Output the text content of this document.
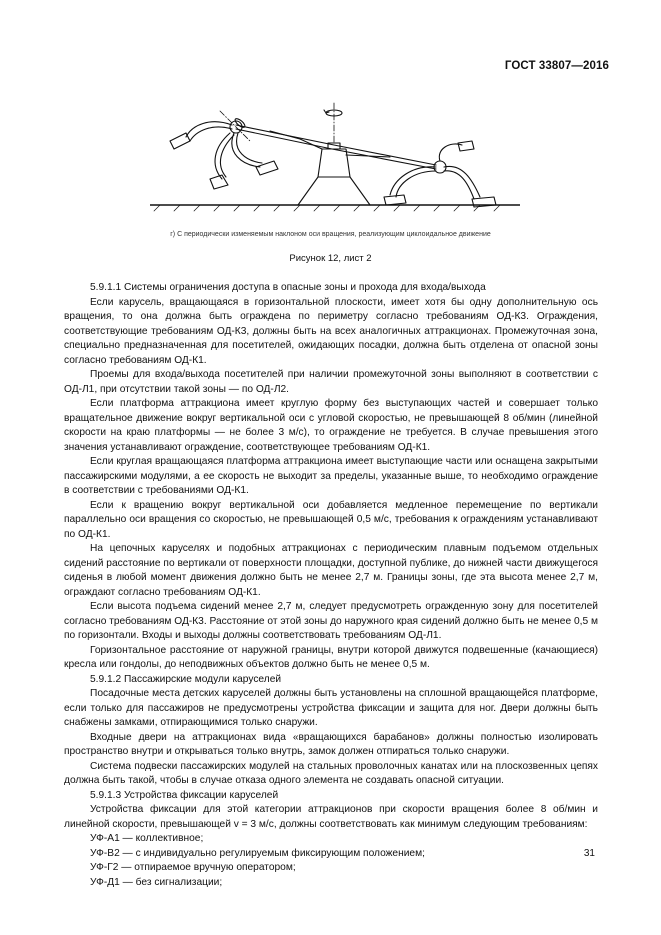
ГОСТ 33807—2016
г) С периодически изменяемым наклоном оси вращения, реализующим циклоидальное движение
Рисунок 12, лист 2

5.9.1.1 Системы ограничения доступа в опасные зоны и прохода для входа/выхода

Если карусель, вращающаяся в горизонтальной плоскости, имеет хотя бы одну дополнительную ось вращения, то она должна быть ограждена по периметру согласно требованиям ОД-К3. Ограждения, соответствующие требованиям ОД-К3, должны быть на всех аналогичных аттракционах. Промежуточная зона, специально предназначенная для посетителей, ожидающих посадки, должна быть отделена от опасной зоны согласно требованиям ОД-К1.

Проемы для входа/выхода посетителей при наличии промежуточной зоны выполняют в соответствии с ОД-Л1, при отсутствии такой зоны — по ОД-Л2.

Если платформа аттракциона имеет круглую форму без выступающих частей и совершает только вращательное движение вокруг вертикальной оси с угловой скоростью, не превышающей 8 об/мин (линейной скорости на краю платформы — не более 3 м/с), то ограждение не требуется. В случае превышения этого значения устанавливают ограждение, соответствующее требованиям ОД-К1.

Если круглая вращающаяся платформа аттракциона имеет выступающие части или оснащена закрытыми пассажирскими модулями, а ее скорость не выходит за пределы, указанные выше, то необходимо ограждение в соответствии с требованиями ОД-К1.

Если к вращению вокруг вертикальной оси добавляется медленное перемещение по вертикали параллельно оси вращения со скоростью, не превышающей 0,5 м/с, требования к ограждениям устанавливают по ОД-К1.

На цепочных каруселях и подобных аттракционах с периодическим плавным подъемом отдельных сидений расстояние по вертикали от поверхности площадки, доступной публике, до нижней части движущегося сиденья в любой момент движения должно быть не менее 2,7 м. Границы зоны, где эта высота менее 2,7 м, ограждают согласно требованиям ОД-К1.

Если высота подъема сидений менее 2,7 м, следует предусмотреть огражденную зону для посетителей согласно требованиям ОД-К3. Расстояние от этой зоны до наружного края сидений должно быть не менее 0,5 м по горизонтали. Входы и выходы должны соответствовать требованиям ОД-Л1.

Горизонтальное расстояние от наружной границы, внутри которой движутся подвешенные (качающиеся) кресла или гондолы, до неподвижных объектов должно быть не менее 0,5 м.

5.9.1.2 Пассажирские модули каруселей

Посадочные места детских каруселей должны быть установлены на сплошной вращающейся платформе, если только для пассажиров не предусмотрены устройства фиксации и защита для ног. Двери должны быть снабжены замками, отпирающимися только снаружи.

Входные двери на аттракционах вида «вращающихся барабанов» должны полностью изолировать пространство внутри и открываться только внутрь, замок должен отпираться только снаружи.

Система подвески пассажирских модулей на стальных проволочных канатах или на плоскозвенных цепях должна быть такой, чтобы в случае отказа одного элемента не создавать опасной ситуации.

5.9.1.3 Устройства фиксации каруселей

Устройства фиксации для этой категории аттракционов при скорости вращения более 8 об/мин и линейной скорости, превышающей v = 3 м/с, должны соответствовать как минимум следующим требованиям:

УФ-А1 — коллективное;

УФ-В2 — с индивидуально регулируемым фиксирующим положением;

УФ-Г2 — отпираемое вручную оператором;

УФ-Д1 — без сигнализации;

31
